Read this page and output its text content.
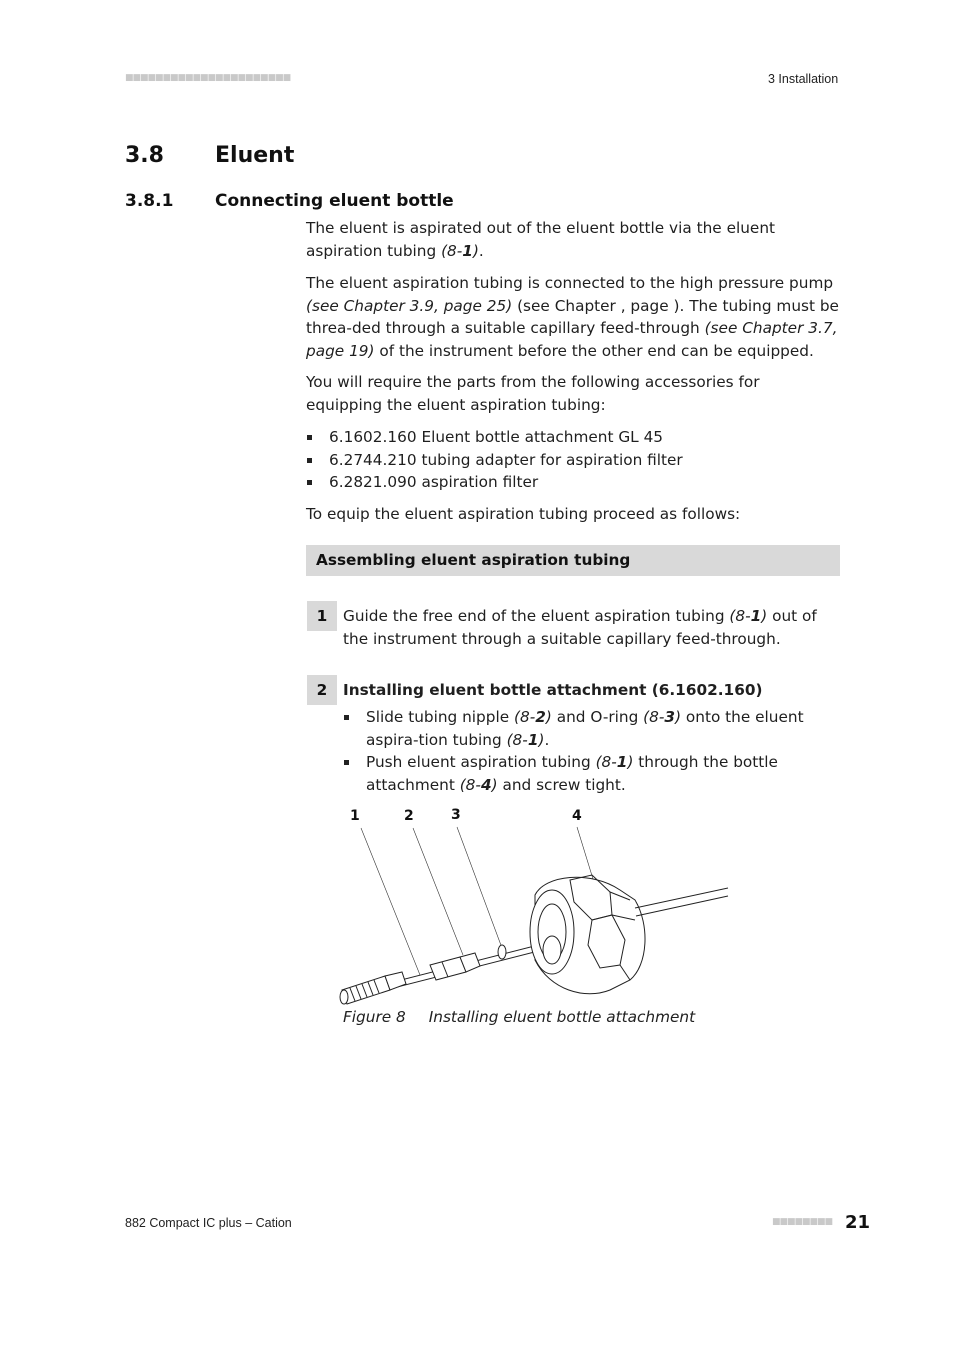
■■■■■■■■■■■■■■■■■■■■■■	3 Installation
3.8 Eluent
3.8.1 Connecting eluent bottle
The eluent is aspirated out of the eluent bottle via the eluent aspiration tubing (8-1).
The eluent aspiration tubing is connected to the high pressure pump (see Chapter 3.9, page 25) (see Chapter , page ). The tubing must be threa-ded through a suitable capillary feed-through (see Chapter 3.7, page 19) of the instrument before the other end can be equipped.
You will require the parts from the following accessories for equipping the eluent aspiration tubing:
6.1602.160 Eluent bottle attachment GL 45
6.2744.210 tubing adapter for aspiration filter
6.2821.090 aspiration filter
To equip the eluent aspiration tubing proceed as follows:
Assembling eluent aspiration tubing
1	Guide the free end of the eluent aspiration tubing (8-1) out of the instrument through a suitable capillary feed-through.
2	Installing eluent bottle attachment (6.1602.160)
Slide tubing nipple (8-2) and O-ring (8-3) onto the eluent aspira-tion tubing (8-1).
Push eluent aspiration tubing (8-1) through the bottle attachment (8-4) and screw tight.
1	2	3	4
Figure 8 Installing eluent bottle attachment
882 Compact IC plus – Cation	■■■■■■■■ 21
